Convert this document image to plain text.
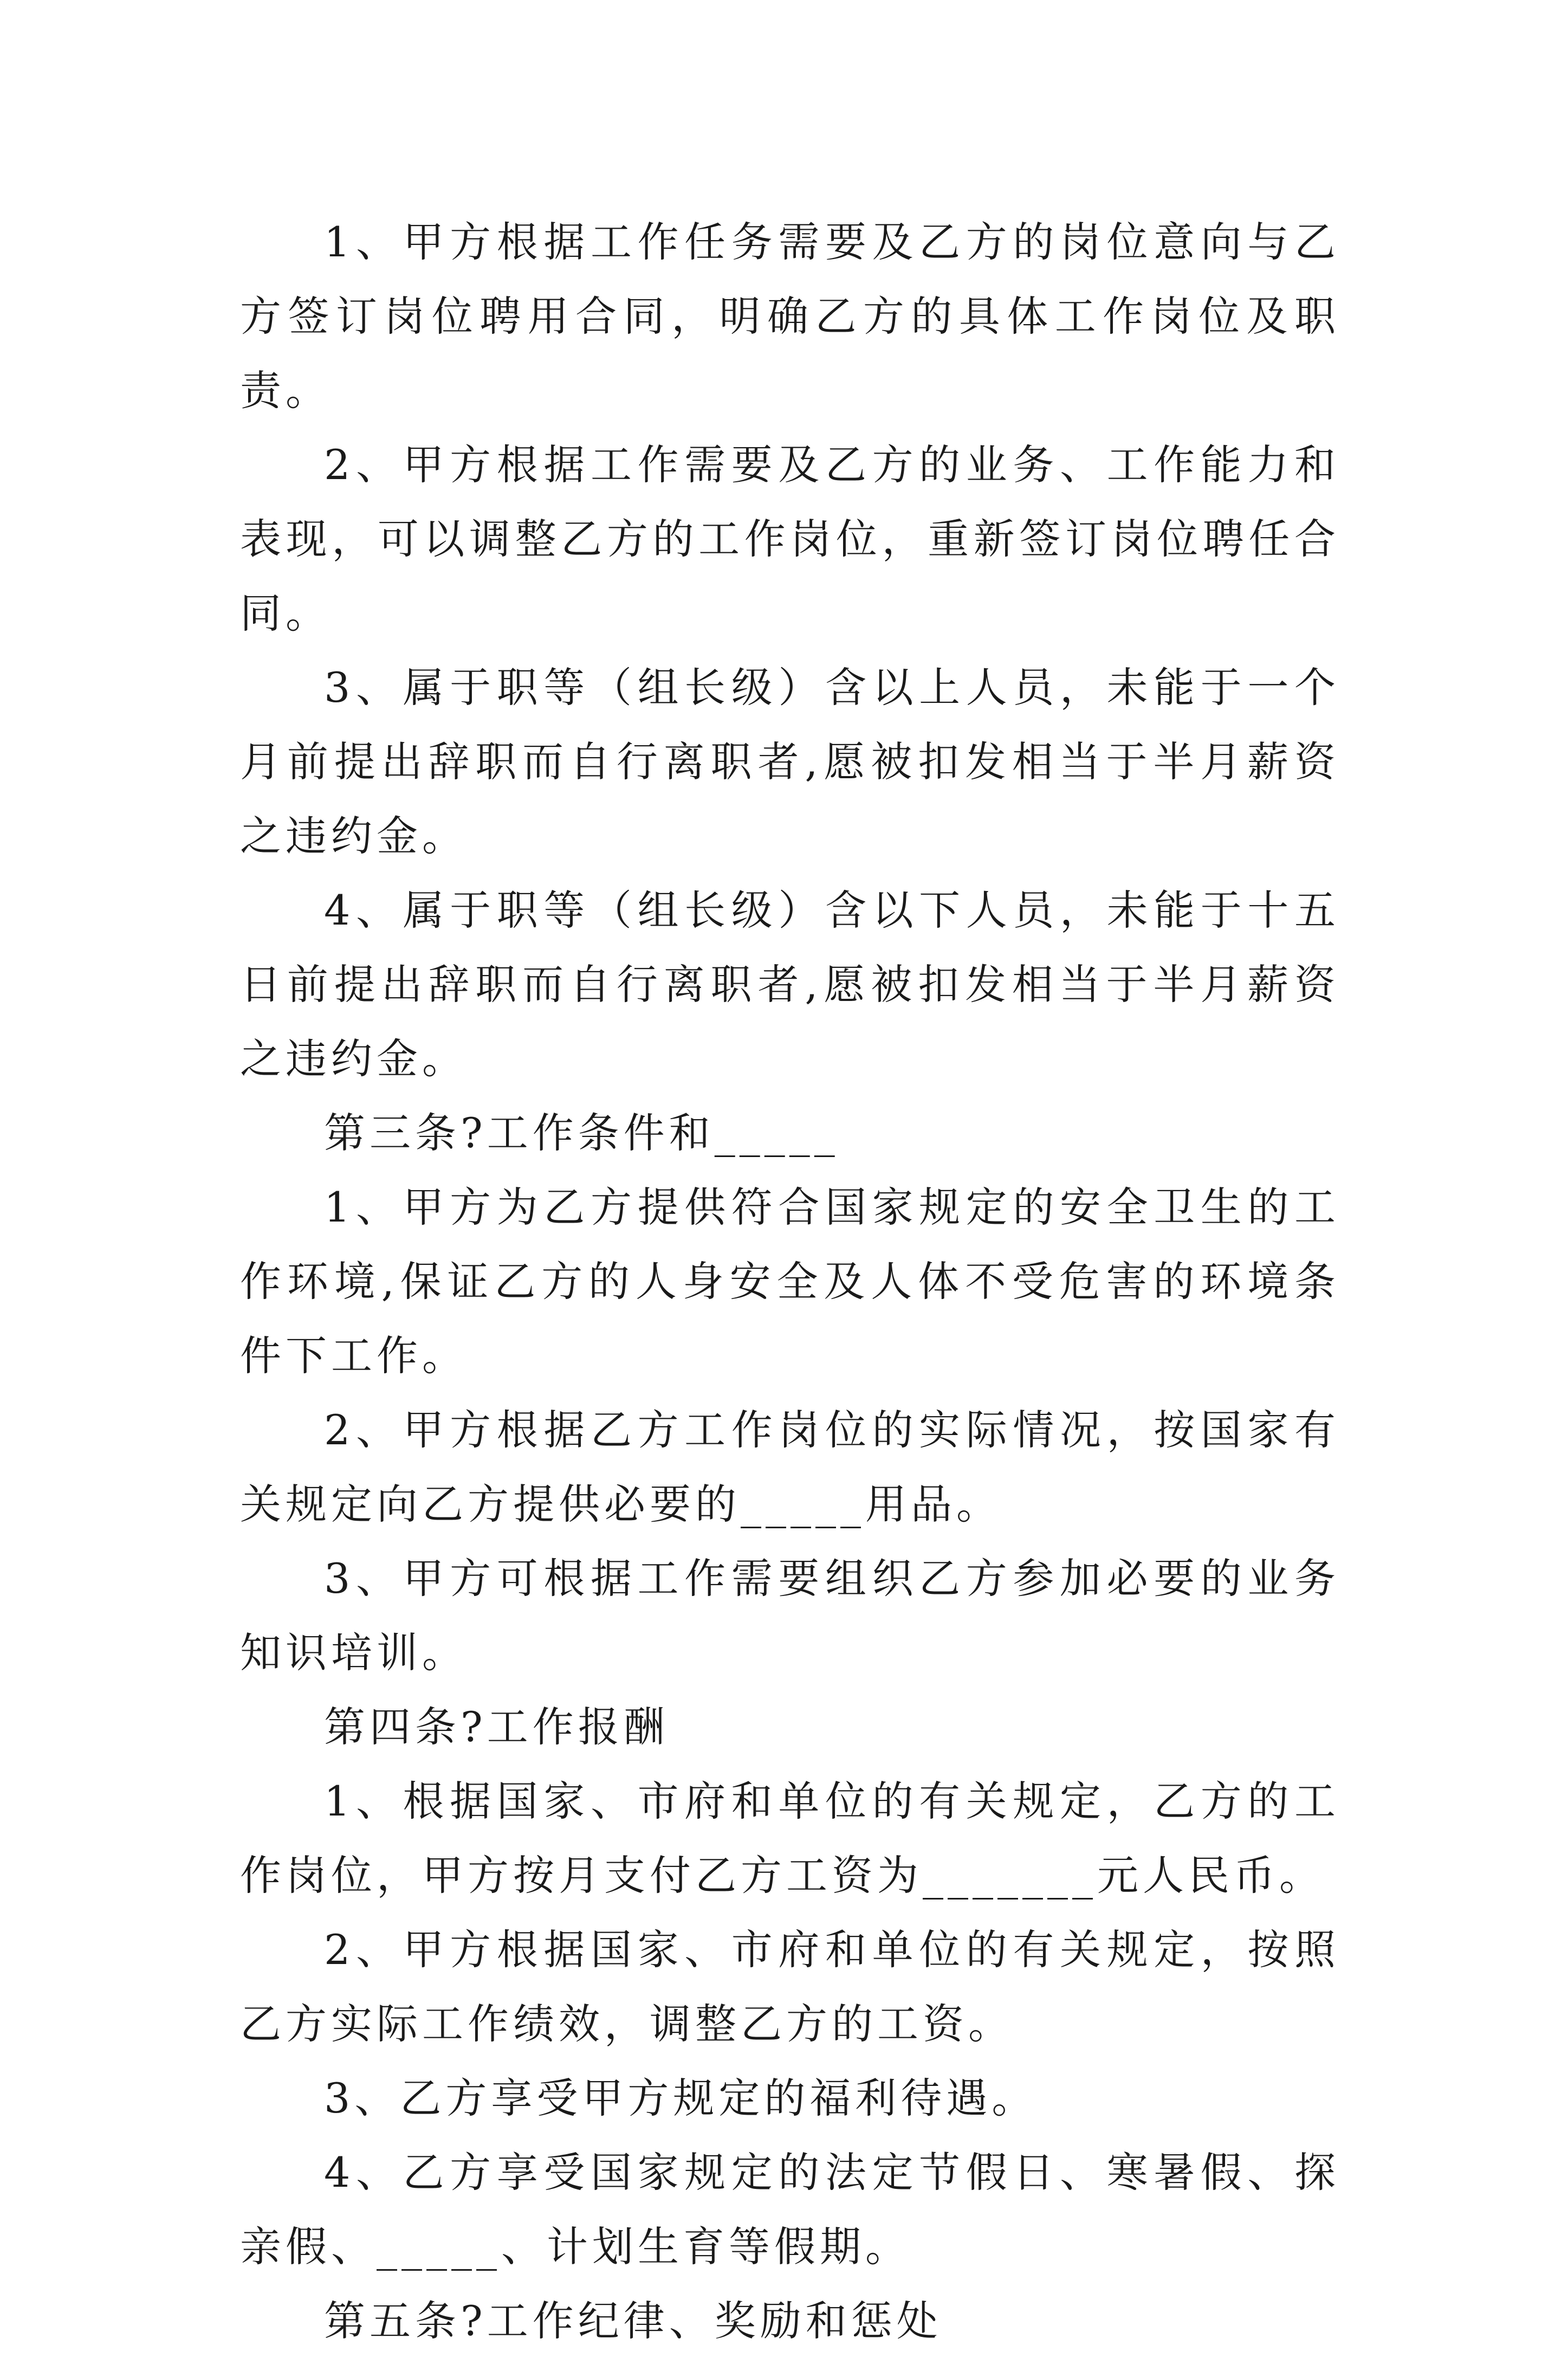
1、甲方根据工作任务需要及乙方的岗位意向与乙方签订岗位聘用合同，明确乙方的具体工作岗位及职责。

2、甲方根据工作需要及乙方的业务、工作能力和表现，可以调整乙方的工作岗位，重新签订岗位聘任合同。

3、属于职等（组长级）含以上人员，未能于一个月前提出辞职而自行离职者,愿被扣发相当于半月薪资之违约金。

4、属于职等（组长级）含以下人员，未能于十五日前提出辞职而自行离职者,愿被扣发相当于半月薪资之违约金。

第三条?工作条件和_____

1、甲方为乙方提供符合国家规定的安全卫生的工作环境,保证乙方的人身安全及人体不受危害的环境条件下工作。

2、甲方根据乙方工作岗位的实际情况，按国家有关规定向乙方提供必要的_____用品。

3、甲方可根据工作需要组织乙方参加必要的业务知识培训。

第四条?工作报酬

1、根据国家、市府和单位的有关规定，乙方的工作岗位，甲方按月支付乙方工资为_______元人民币。

2、甲方根据国家、市府和单位的有关规定，按照乙方实际工作绩效，调整乙方的工资。

3、乙方享受甲方规定的福利待遇。

4、乙方享受国家规定的法定节假日、寒暑假、探亲假、_____、计划生育等假期。

第五条?工作纪律、奖励和惩处
